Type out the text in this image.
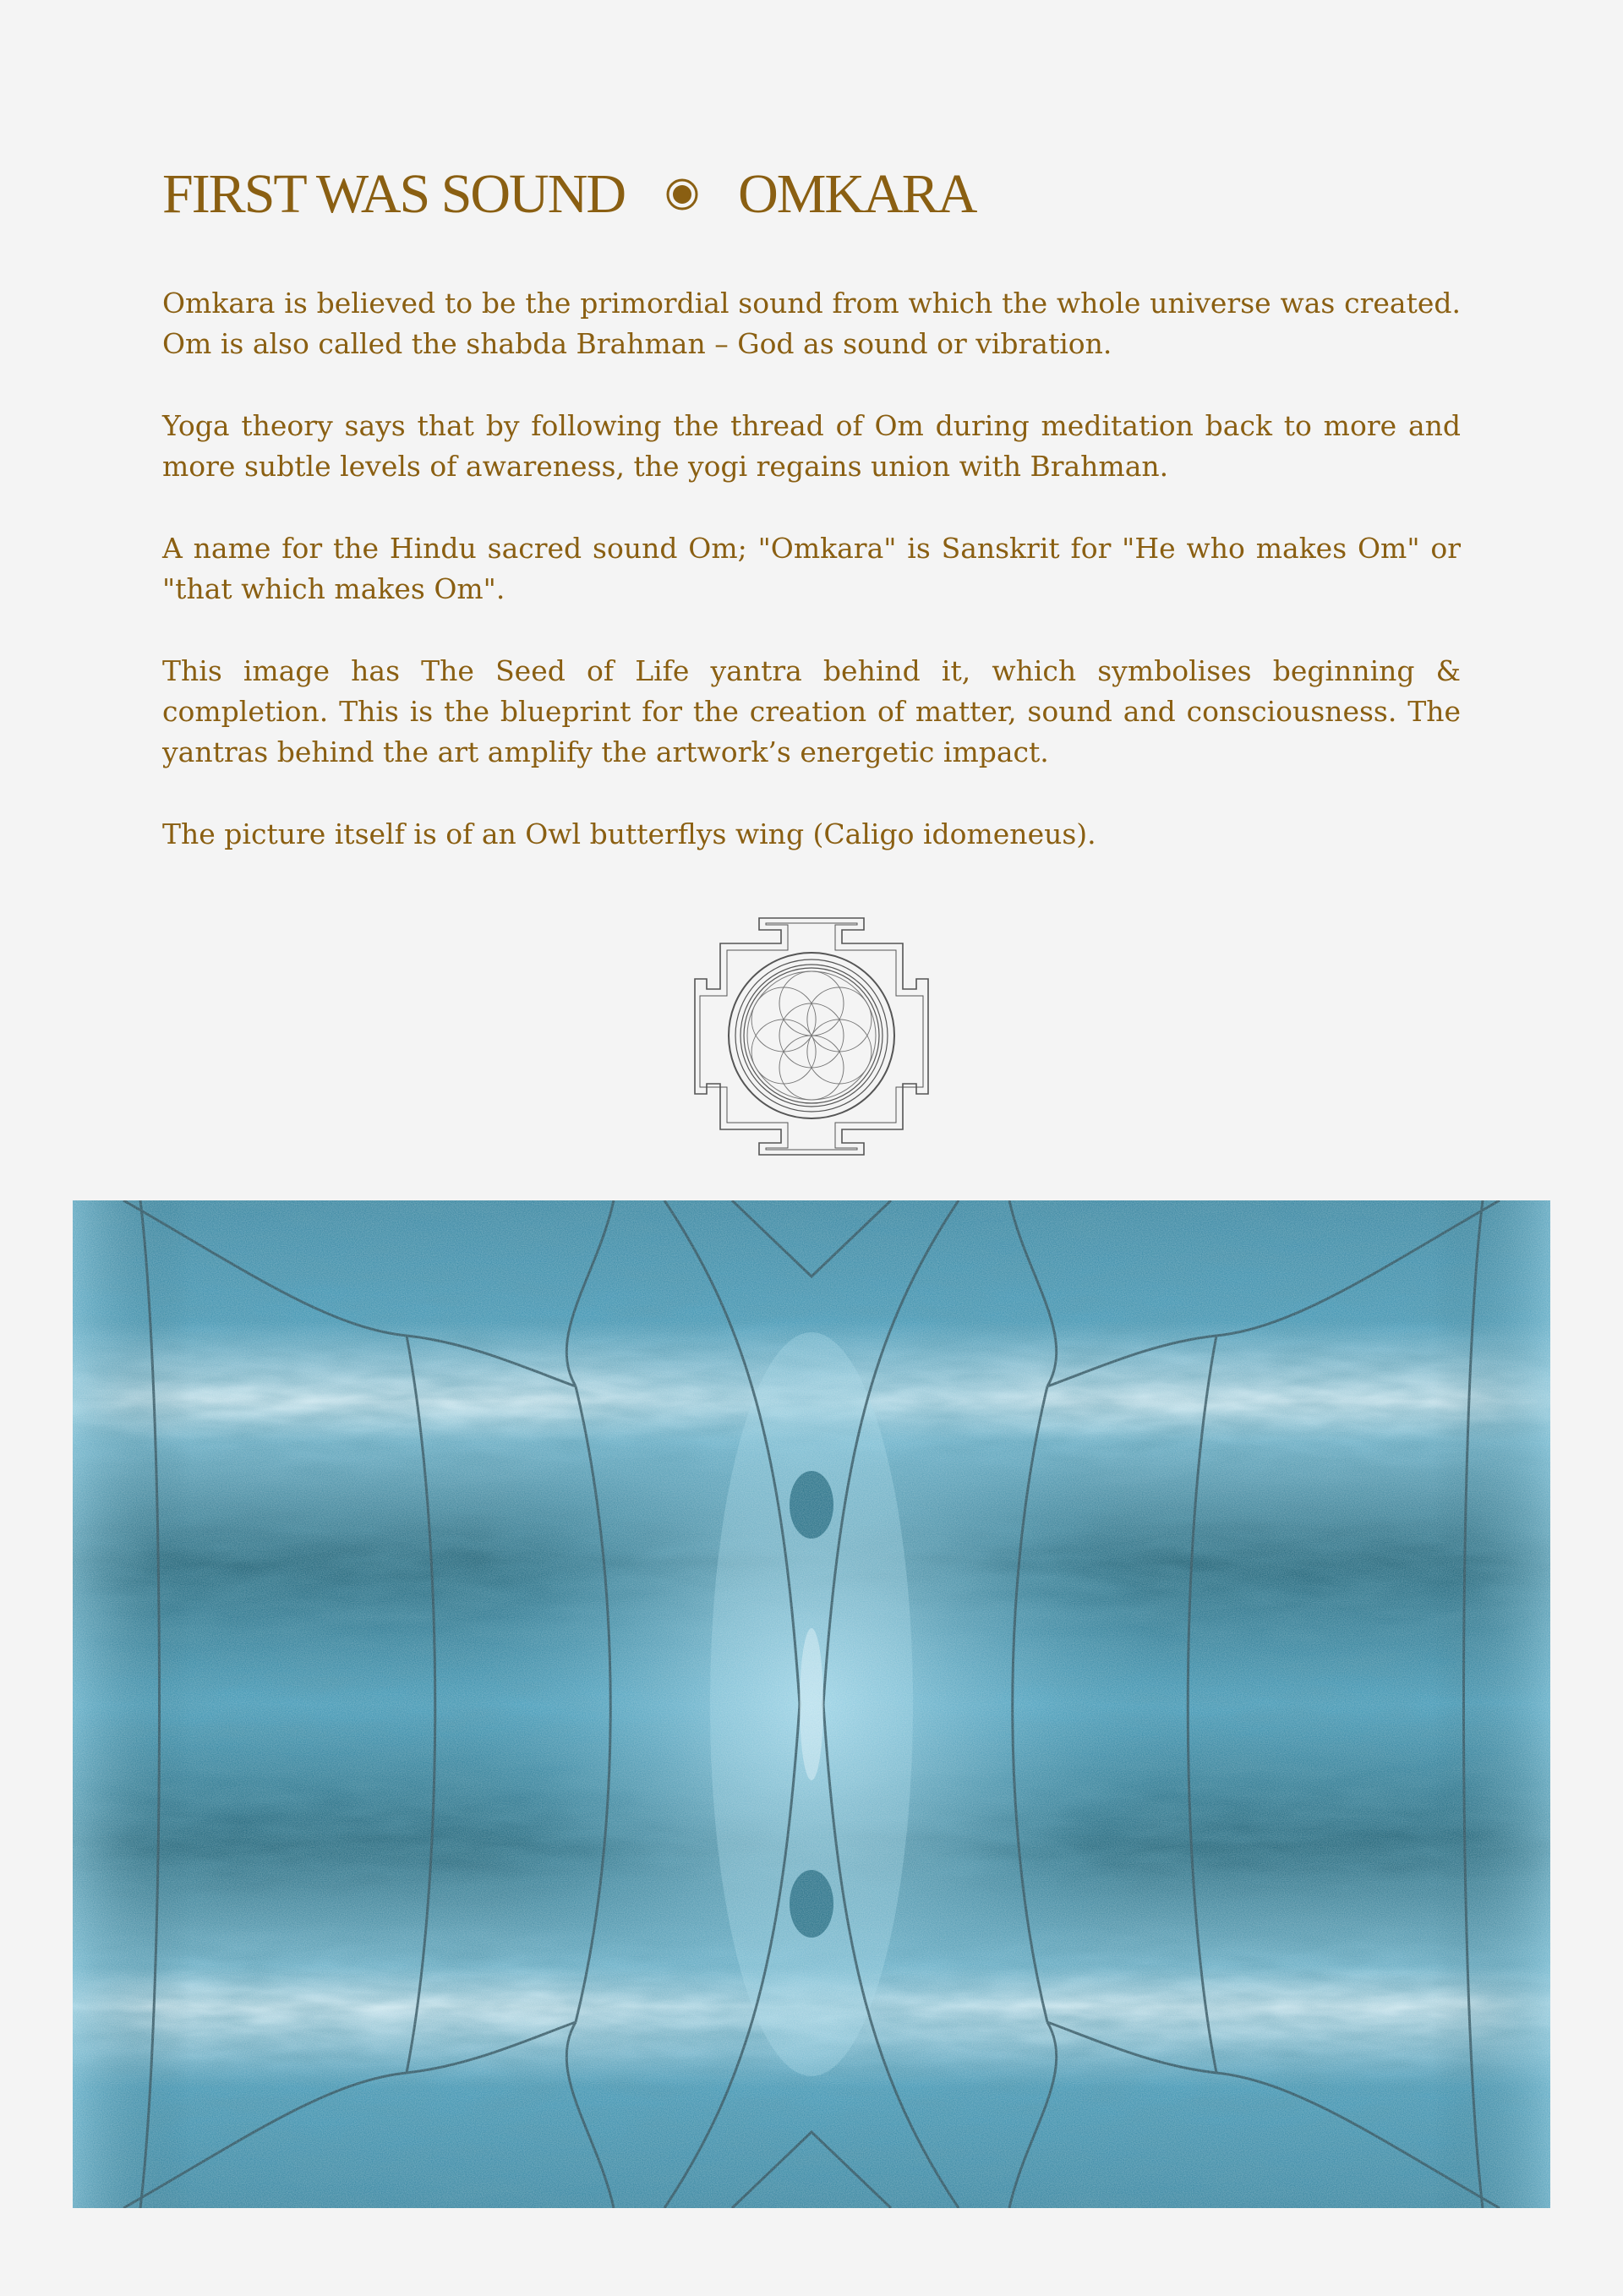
FIRST WAS SOUND OMKARA

Omkara is believed to be the primordial sound from which the whole universe was created. Om is also called the shabda Brahman – God as sound or vibration.

Yoga theory says that by following the thread of Om during meditation back to more and more subtle levels of awareness, the yogi regains union with Brahman.

A name for the Hindu sacred sound Om; "Omkara" is Sanskrit for "He who makes Om" or "that which makes Om".

This image has The Seed of Life yantra behind it, which symbolises beginning & completion. This is the blueprint for the creation of matter, sound and consciousness. The yantras behind the art amplify the artwork’s energetic impact.

The picture itself is of an Owl butterflys wing (Caligo idomeneus).
